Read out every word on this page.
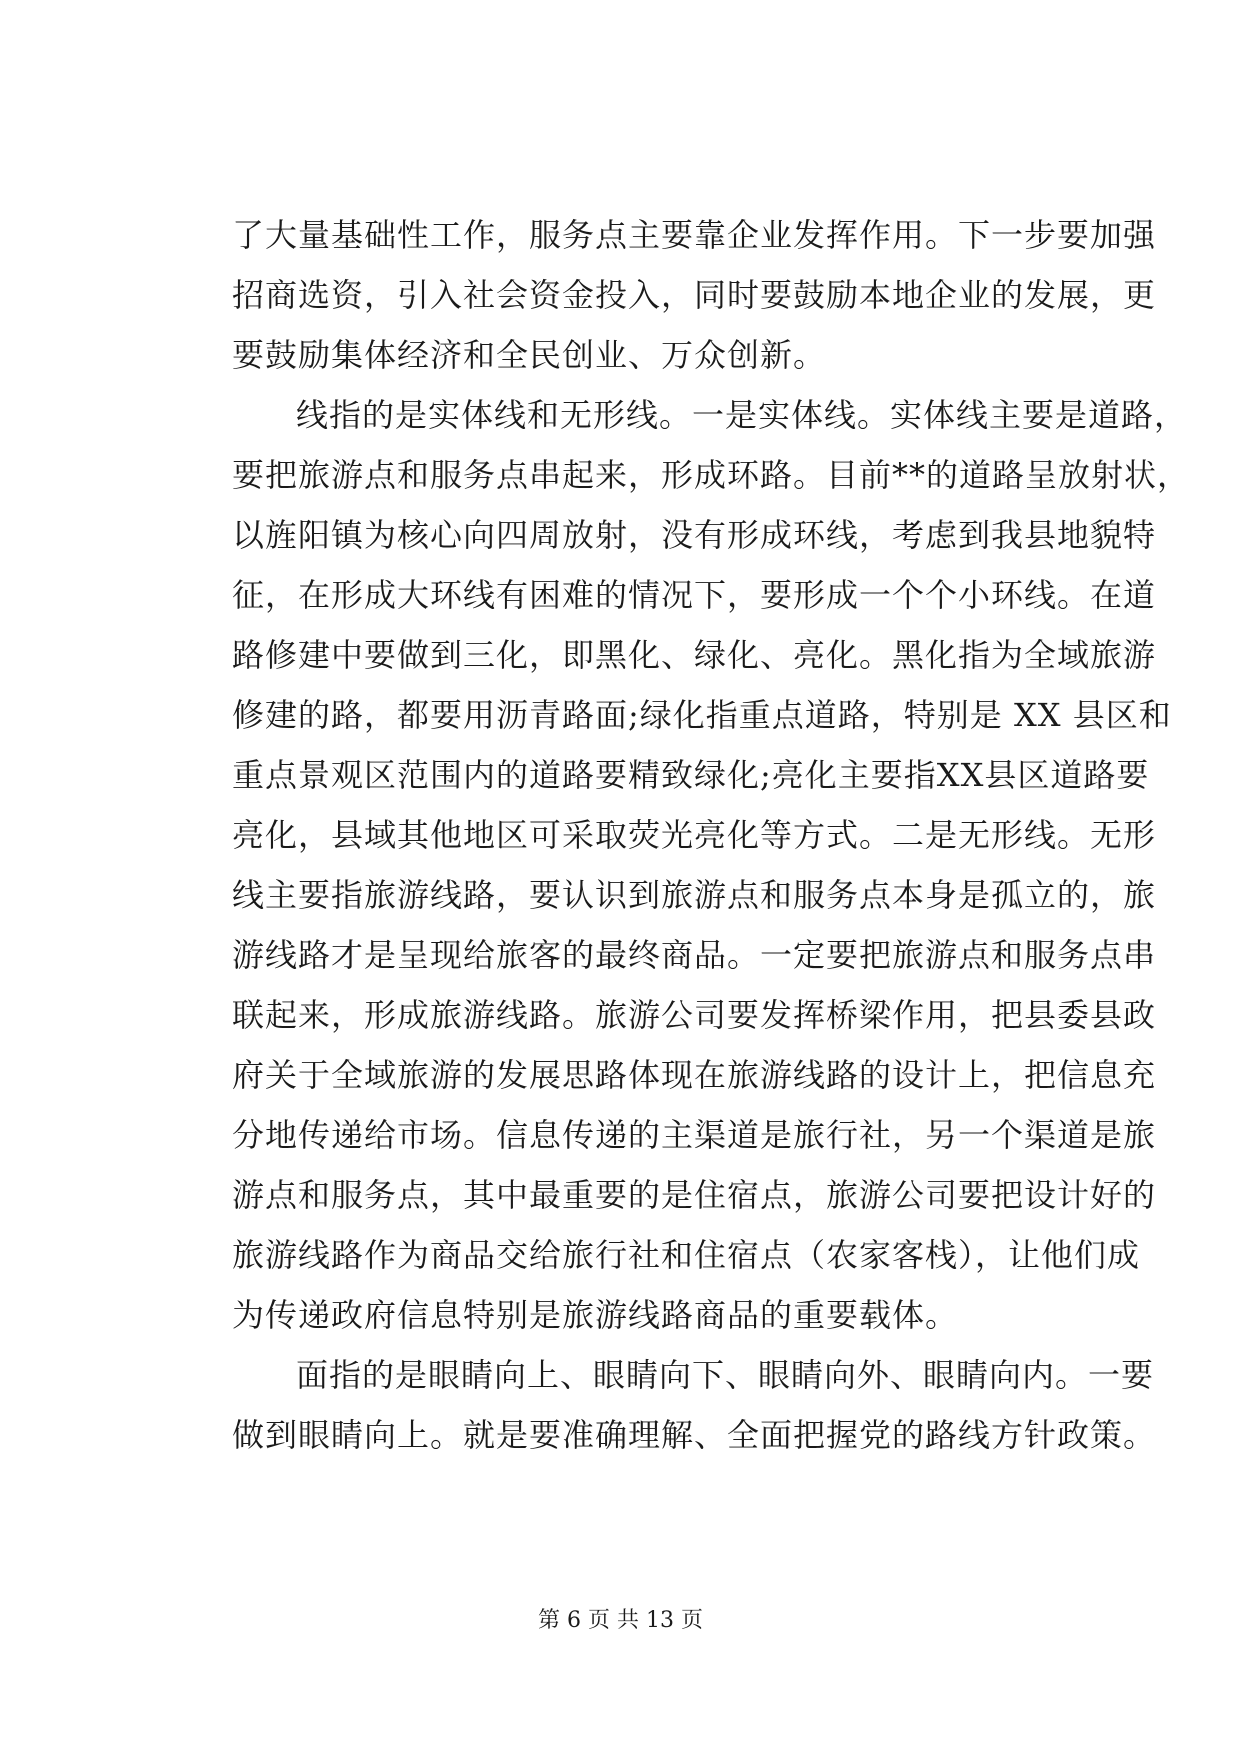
了大量基础性工作，服务点主要靠企业发挥作用。下一步要加强
招商选资，引入社会资金投入，同时要鼓励本地企业的发展，更
要鼓励集体经济和全民创业、万众创新。
线指的是实体线和无形线。一是实体线。实体线主要是道路，
要把旅游点和服务点串起来，形成环路。目前**的道路呈放射状，
以旌阳镇为核心向四周放射，没有形成环线，考虑到我县地貌特
征，在形成大环线有困难的情况下，要形成一个个小环线。在道
路修建中要做到三化，即黑化、绿化、亮化。黑化指为全域旅游
修建的路，都要用沥青路面;绿化指重点道路，特别是 XX 县区和
重点景观区范围内的道路要精致绿化;亮化主要指XX县区道路要
亮化，县域其他地区可采取荧光亮化等方式。二是无形线。无形
线主要指旅游线路，要认识到旅游点和服务点本身是孤立的，旅
游线路才是呈现给旅客的最终商品。一定要把旅游点和服务点串
联起来，形成旅游线路。旅游公司要发挥桥梁作用，把县委县政
府关于全域旅游的发展思路体现在旅游线路的设计上，把信息充
分地传递给市场。信息传递的主渠道是旅行社，另一个渠道是旅
游点和服务点，其中最重要的是住宿点，旅游公司要把设计好的
旅游线路作为商品交给旅行社和住宿点（农家客栈），让他们成
为传递政府信息特别是旅游线路商品的重要载体。
面指的是眼睛向上、眼睛向下、眼睛向外、眼睛向内。一要
做到眼睛向上。就是要准确理解、全面把握党的路线方针政策。
第 6 页 共 13 页
